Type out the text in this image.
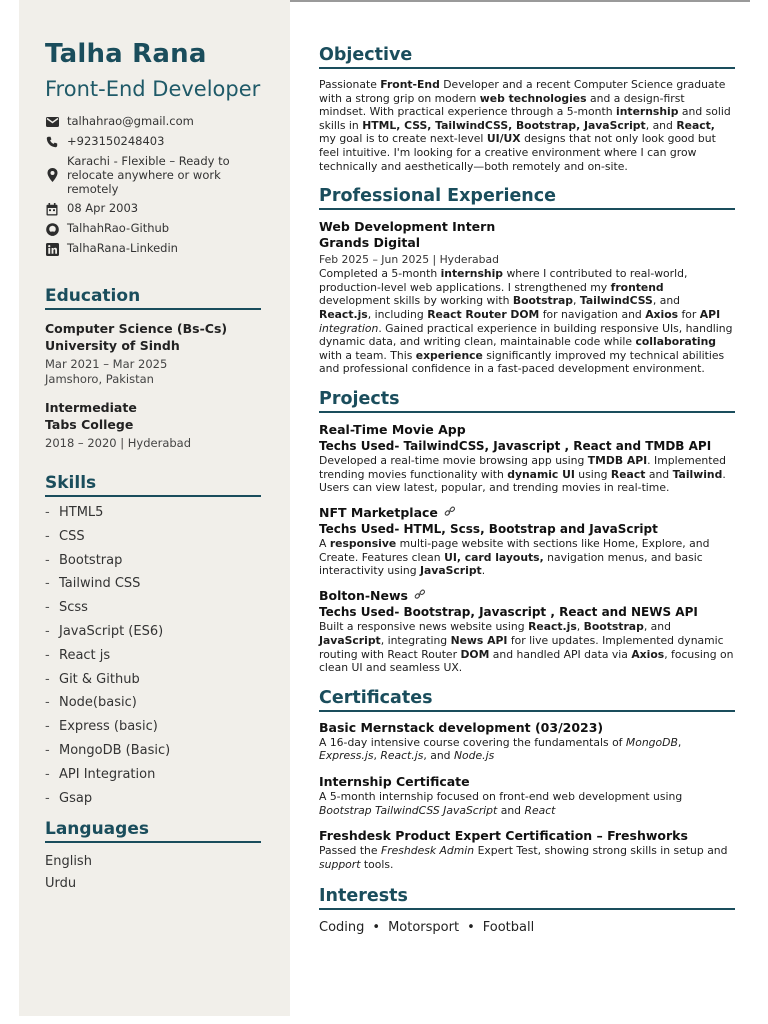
Talha Rana
Front-End Developer
talhahrao@gmail.com
+923150248403
Karachi - Flexible – Ready to relocate anywhere or work remotely
08 Apr 2003
TalhahRao-Github
TalhaRana-Linkedin
Education
Computer Science (Bs-Cs)
University of Sindh
Mar 2021 – Mar 2025
Jamshoro, Pakistan
Intermediate
Tabs College
2018 – 2020 | Hyderabad
Skills
- HTML5
- CSS
- Bootstrap
- Tailwind CSS
- Scss
- JavaScript (ES6)
- React js
- Git & Github
- Node(basic)
- Express (basic)
- MongoDB (Basic)
- API Integration
- Gsap
Languages
English
Urdu
Objective
Passionate Front-End Developer and a recent Computer Science graduate with a strong grip on modern web technologies and a design-first mindset. With practical experience through a 5-month internship and solid skills in HTML, CSS, TailwindCSS, Bootstrap, JavaScript, and React, my goal is to create next-level UI/UX designs that not only look good but feel intuitive. I'm looking for a creative environment where I can grow technically and aesthetically—both remotely and on-site.
Professional Experience
Web Development Intern
Grands Digital
Feb 2025 – Jun 2025 | Hyderabad
Completed a 5-month internship where I contributed to real-world, production-level web applications. I strengthened my frontend development skills by working with Bootstrap, TailwindCSS, and React.js, including React Router DOM for navigation and Axios for API integration. Gained practical experience in building responsive UIs, handling dynamic data, and writing clean, maintainable code while collaborating with a team. This experience significantly improved my technical abilities and professional confidence in a fast-paced development environment.
Projects
Real-Time Movie App
Techs Used- TailwindCSS, Javascript , React and TMDB API
Developed a real-time movie browsing app using TMDB API. Implemented trending movies functionality with dynamic UI using React and Tailwind. Users can view latest, popular, and trending movies in real-time.
NFT Marketplace
Techs Used- HTML, Scss, Bootstrap and JavaScript
A responsive multi-page website with sections like Home, Explore, and Create. Features clean UI, card layouts, navigation menus, and basic interactivity using JavaScript.
Bolton-News
Techs Used- Bootstrap, Javascript , React and NEWS API
Built a responsive news website using React.js, Bootstrap, and JavaScript, integrating News API for live updates. Implemented dynamic routing with React Router DOM and handled API data via Axios, focusing on clean UI and seamless UX.
Certificates
Basic Mernstack development (03/2023)
A 16-day intensive course covering the fundamentals of MongoDB, Express.js, React.js, and Node.js
Internship Certificate
A 5-month internship focused on front-end web development using Bootstrap TailwindCSS JavaScript and React
Freshdesk Product Expert Certification – Freshworks
Passed the Freshdesk Admin Expert Test, showing strong skills in setup and support tools.
Interests
Coding • Motorsport • Football
